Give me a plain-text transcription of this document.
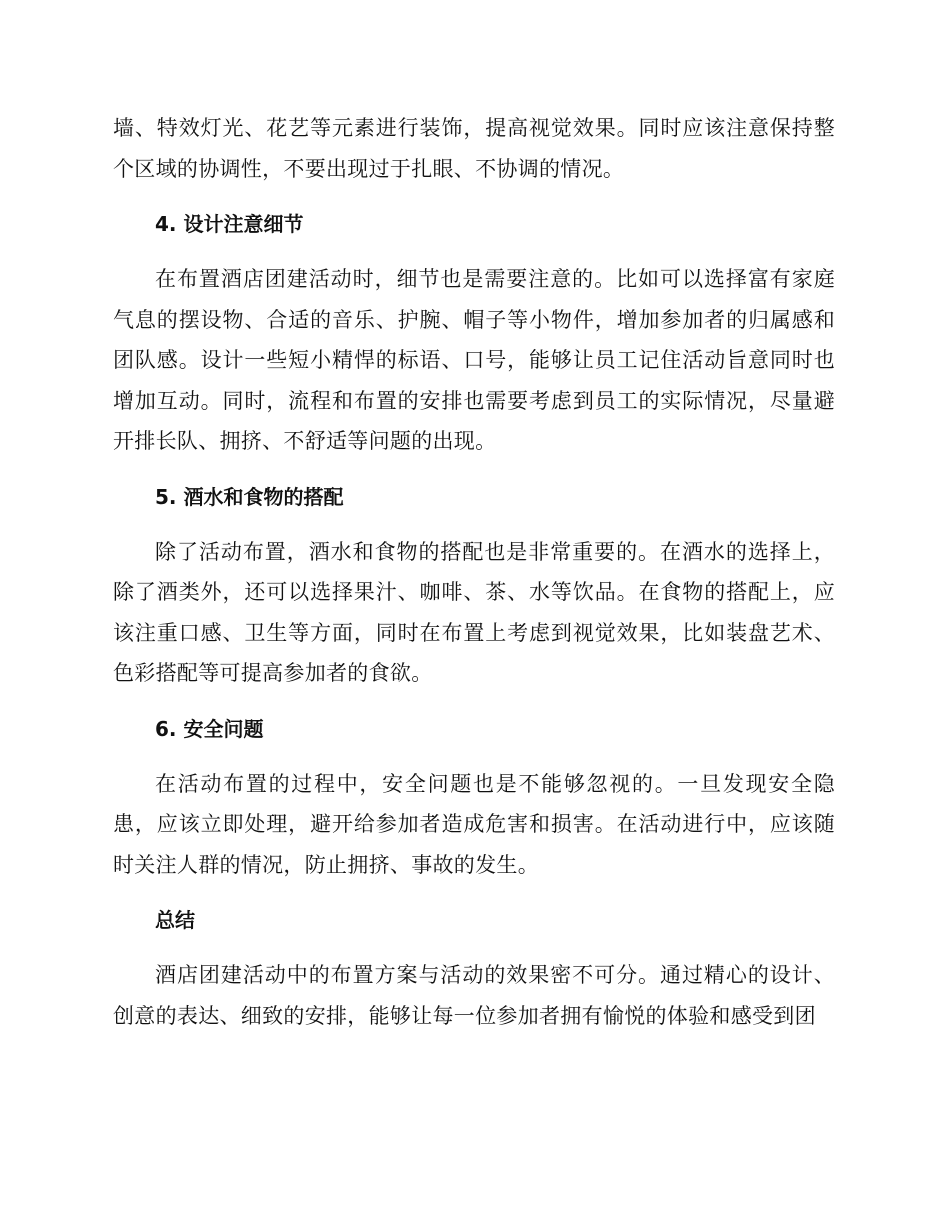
墙、特效灯光、花艺等元素进行装饰，提高视觉效果。同时应该注意保持整个区域的协调性，不要出现过于扎眼、不协调的情况。

4. 设计注意细节

在布置酒店团建活动时，细节也是需要注意的。比如可以选择富有家庭气息的摆设物、合适的音乐、护腕、帽子等小物件，增加参加者的归属感和团队感。设计一些短小精悍的标语、口号，能够让员工记住活动旨意同时也增加互动。同时，流程和布置的安排也需要考虑到员工的实际情况，尽量避开排长队、拥挤、不舒适等问题的出现。

5. 酒水和食物的搭配

除了活动布置，酒水和食物的搭配也是非常重要的。在酒水的选择上，除了酒类外，还可以选择果汁、咖啡、茶、水等饮品。在食物的搭配上，应该注重口感、卫生等方面，同时在布置上考虑到视觉效果，比如装盘艺术、色彩搭配等可提高参加者的食欲。

6. 安全问题

在活动布置的过程中，安全问题也是不能够忽视的。一旦发现安全隐患，应该立即处理，避开给参加者造成危害和损害。在活动进行中，应该随时关注人群的情况，防止拥挤、事故的发生。

总结

酒店团建活动中的布置方案与活动的效果密不可分。通过精心的设计、创意的表达、细致的安排，能够让每一位参加者拥有愉悦的体验和感受到团
